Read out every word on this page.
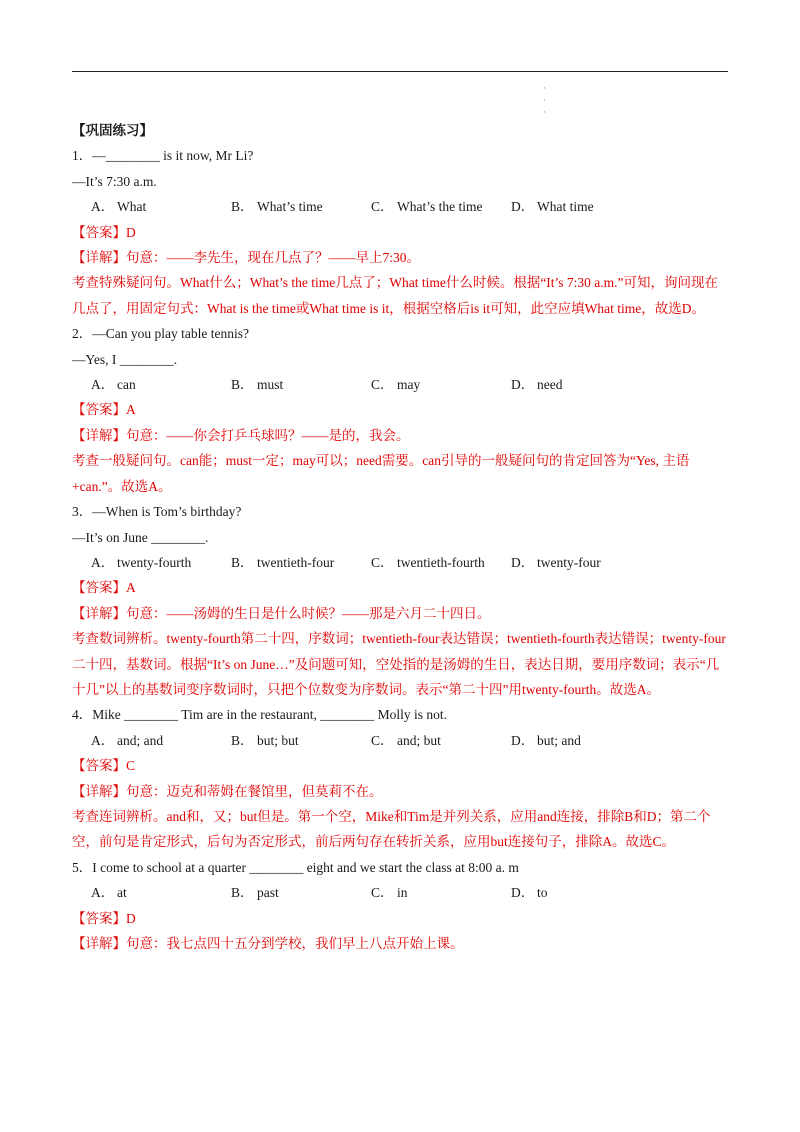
·
·
·
【巩固练习】
1．—________ is it now, Mr Li?
—It’s 7:30 a.m.
A． What	B． What’s time	C． What’s the time	D． What time
【答案】D
【详解】句意：——李先生，现在几点了？——早上7:30。
考查特殊疑问句。What什么；What’s the time几点了；What time什么时候。根据“It’s 7:30 a.m.”可知，询问现在几点了，用固定句式：What is the time或What time is it，根据空格后is it可知，此空应填What time，故选D。
2．—Can you play table tennis?
—Yes, I ________.
A． can	B． must	C． may	D． need
【答案】A
【详解】句意：——你会打乒乓球吗？——是的，我会。
考查一般疑问句。can能；must一定；may可以；need需要。can引导的一般疑问句的肯定回答为“Yes, 主语+can.”。故选A。
3．—When is Tom’s birthday?
—It’s on June ________.
A． twenty-fourth	B． twentieth-four	C． twentieth-fourth	D． twenty-four
【答案】A
【详解】句意：——汤姆的生日是什么时候？——那是六月二十四日。
考查数词辨析。twenty-fourth第二十四，序数词；twentieth-four表达错误；twentieth-fourth表达错误；twenty-four二十四，基数词。根据“It’s on June…”及问题可知，空处指的是汤姆的生日，表达日期，要用序数词；表示“几十几”以上的基数词变序数词时，只把个位数变为序数词。表示“第二十四”用twenty-fourth。故选A。
4．Mike ________ Tim are in the restaurant, ________ Molly is not.
A． and; and	B． but; but	C． and; but	D． but; and
【答案】C
【详解】句意：迈克和蒂姆在餐馆里，但莫莉不在。
考查连词辨析。and和，又；but但是。第一个空，Mike和Tim是并列关系，应用and连接，排除B和D；第二个空，前句是肯定形式，后句为否定形式，前后两句存在转折关系，应用but连接句子，排除A。故选C。
5．I come to school at a quarter ________ eight and we start the class at 8:00 a. m
A． at	B． past	C． in	D． to
【答案】D
【详解】句意：我七点四十五分到学校，我们早上八点开始上课。
